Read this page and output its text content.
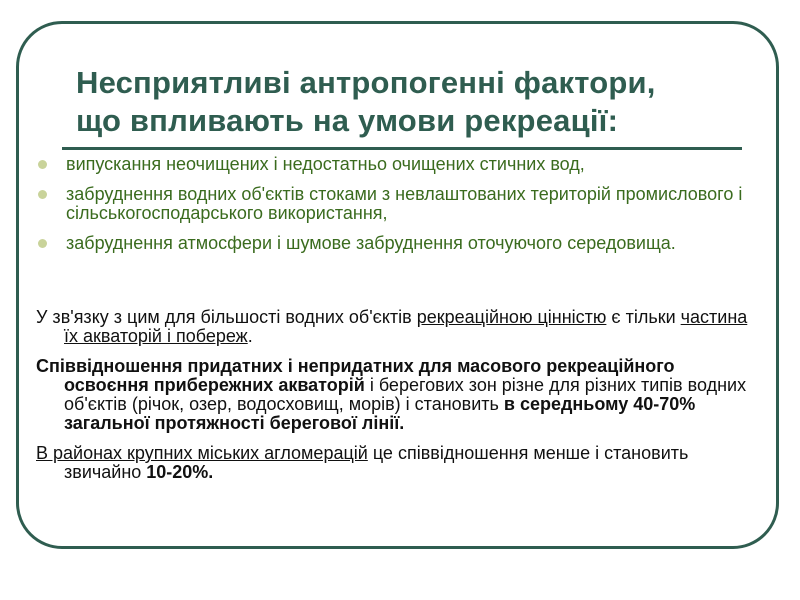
Несприятливі антропогенні фактори,
що впливають на умови рекреації:
випускання неочищених і недостатньо очищених стичних вод,
забруднення водних об'єктів стоками з невлаштованих територій промислового і сільськогосподарського використання,
забруднення атмосфери і шумове забруднення оточуючого середовища.

У зв'язку з цим для більшості водних об'єктів рекреаційною цінністю є тільки частина їх акваторій і побереж.

Співвідношення придатних і непридатних для масового рекреаційного освоєння прибережних акваторій і берегових зон різне для різних типів водних об'єктів (річок, озер, водосховищ, морів) і становить в середньому 40-70% загальної протяжності берегової лінії.

В районах крупних міських агломерацій це співвідношення менше і становить звичайно 10-20%.
